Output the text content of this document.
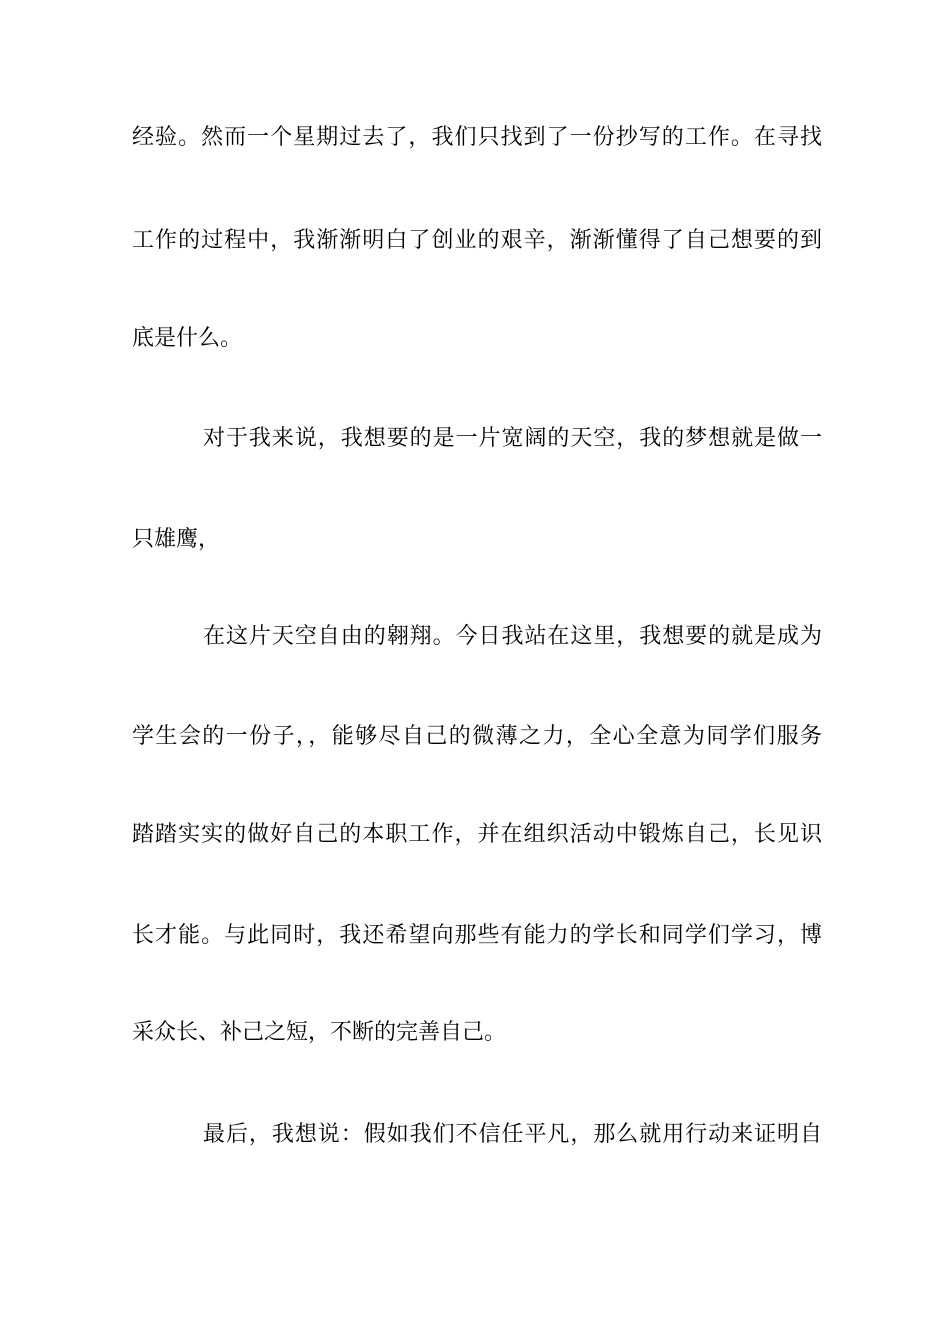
经验。然而一个星期过去了，我们只找到了一份抄写的工作。在寻找
工作的过程中，我渐渐明白了创业的艰辛，渐渐懂得了自己想要的到
底是什么。
对于我来说，我想要的是一片宽阔的天空，我的梦想就是做一
只雄鹰，
在这片天空自由的翱翔。今日我站在这里，我想要的就是成为
学生会的一份子，，能够尽自己的微薄之力，全心全意为同学们服务
踏踏实实的做好自己的本职工作，并在组织活动中锻炼自己，长见识
长才能。与此同时，我还希望向那些有能力的学长和同学们学习，博
采众长、补己之短，不断的完善自己。
最后，我想说：假如我们不信任平凡，那么就用行动来证明自
